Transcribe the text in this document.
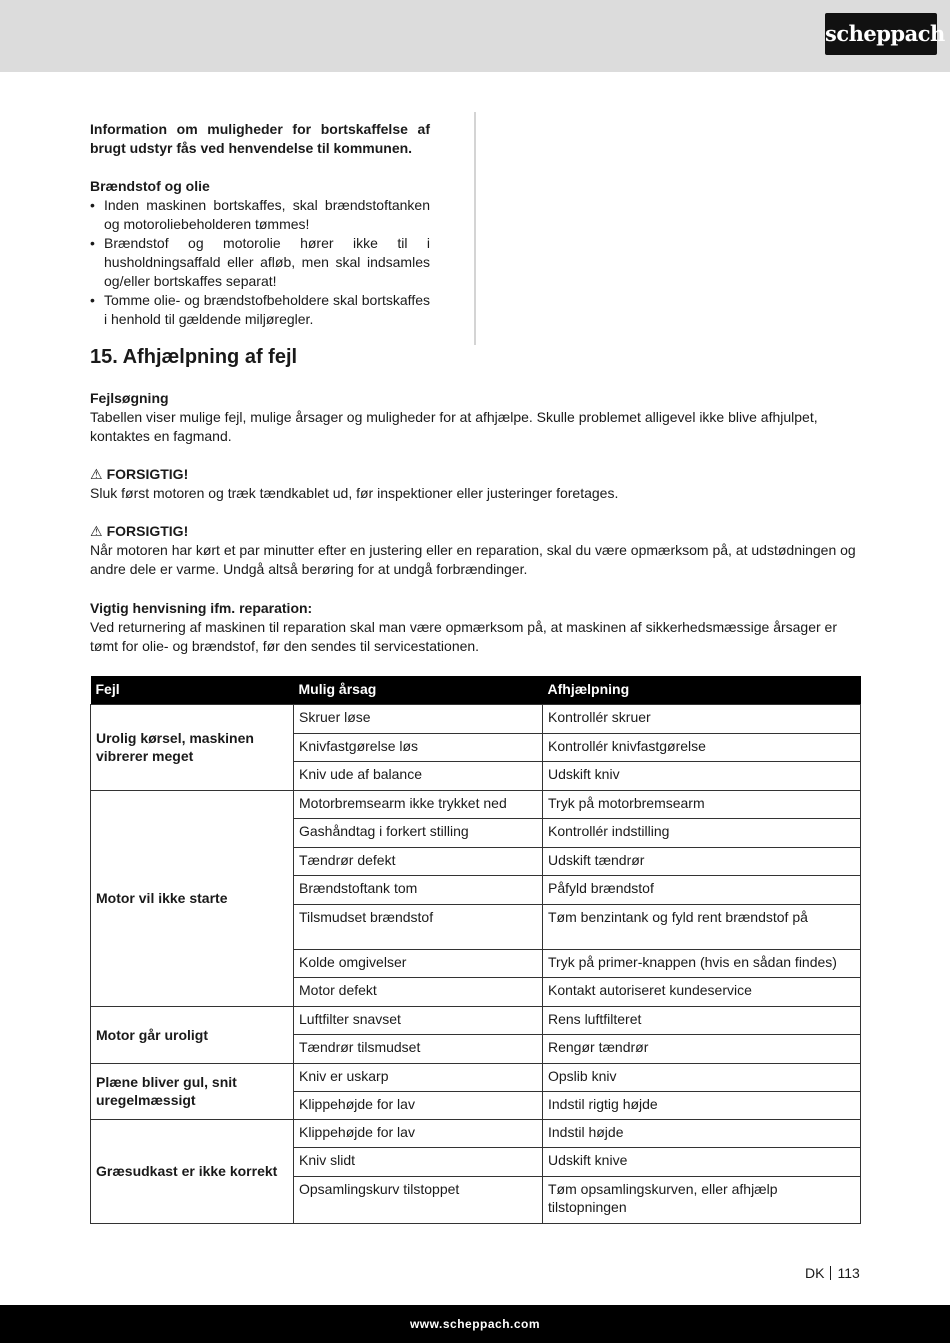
scheppach

Information om muligheder for bortskaffelse af brugt udstyr fås ved henvendelse til kommunen.

Brændstof og olie

• Inden maskinen bortskaffes, skal brændstoftanken og motoroliebeholderen tømmes!
• Brændstof og motorolie hører ikke til i husholdningsaffald eller afløb, men skal indsamles og/eller bortskaffes separat!
• Tomme olie- og brændstofbeholdere skal bortskaffes i henhold til gældende miljøregler.
15. Afhjælpning af fejl

Fejlsøgning

Tabellen viser mulige fejl, mulige årsager og muligheder for at afhjælpe. Skulle problemet alligevel ikke blive afhjulpet, kontaktes en fagmand.

⚠ FORSIGTIG!

Sluk først motoren og træk tændkablet ud, før inspektioner eller justeringer foretages.

⚠ FORSIGTIG!

Når motoren har kørt et par minutter efter en justering eller en reparation, skal du være opmærksom på, at udstødningen og andre dele er varme. Undgå altså berøring for at undgå forbrændinger.

Vigtig henvisning ifm. reparation:

Ved returnering af maskinen til reparation skal man være opmærksom på, at maskinen af sikkerhedsmæssige årsager er tømt for olie- og brændstof, før den sendes til servicestationen.

Fejl	Mulig årsag	Afhjælpning
Urolig kørsel, maskinen vibrerer meget	Skruer løse	Kontrollér skruer
	Knivfastgørelse løs	Kontrollér knivfastgørelse
	Kniv ude af balance	Udskift kniv
Motor vil ikke starte	Motorbremsearm ikke trykket ned	Tryk på motorbremsearm
	Gashåndtag i forkert stilling	Kontrollér indstilling
	Tændrør defekt	Udskift tændrør
	Brændstoftank tom	Påfyld brændstof
	Tilsmudset brændstof	Tøm benzintank og fyld rent brændstof på
	Kolde omgivelser	Tryk på primer-knappen (hvis en sådan findes)
	Motor defekt	Kontakt autoriseret kundeservice
Motor går uroligt	Luftfilter snavset	Rens luftfilteret
	Tændrør tilsmudset	Rengør tændrør
Plæne bliver gul, snit uregelmæssigt	Kniv er uskarp	Opslib kniv
	Klippehøjde for lav	Indstil rigtig højde
Græsudkast er ikke korrekt	Klippehøjde for lav	Indstil højde
	Kniv slidt	Udskift knive
	Opsamlingskurv tilstoppet	Tøm opsamlingskurven, eller afhjælp tilstopningen
DK 113
www.scheppach.com
